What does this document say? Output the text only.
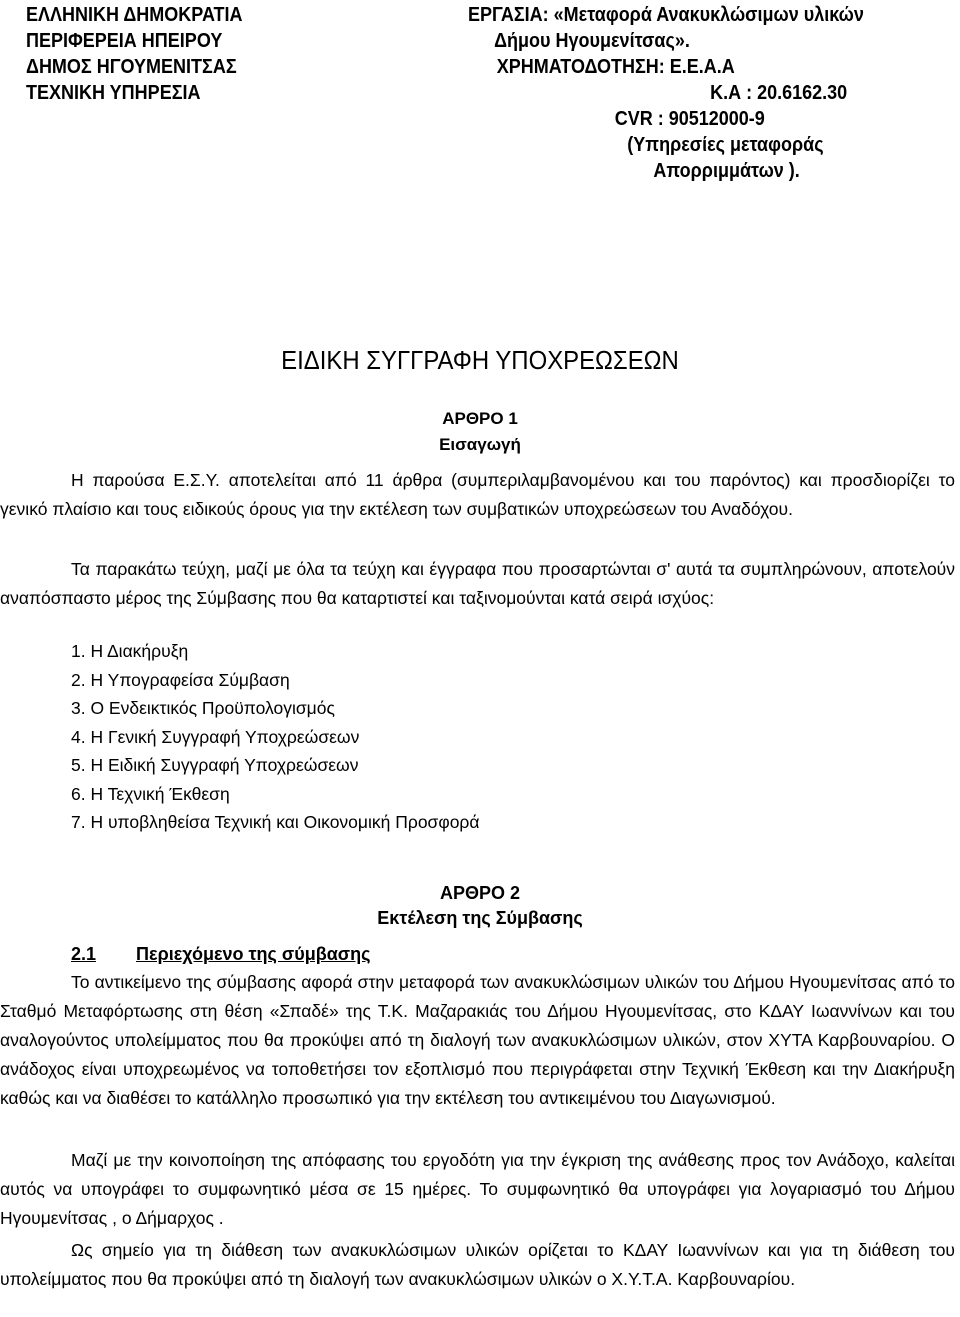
ΕΛΛΗΝΙΚΗ ΔΗΜΟΚΡΑΤΙΑ
ΠΕΡΙΦΕΡΕΙΑ ΗΠΕΙΡΟΥ
ΔΗΜΟΣ ΗΓΟΥΜΕΝΙΤΣΑΣ
ΤΕΧΝΙΚΗ ΥΠΗΡΕΣΙΑ
ΕΡΓΑΣΙΑ: «Μεταφορά Ανακυκλώσιμων υλικών
Δήμου Ηγουμενίτσας».
ΧΡΗΜΑΤΟΔΟΤΗΣΗ: Ε.Ε.Α.Α
Κ.Α : 20.6162.30
CVR : 90512000-9
(Υπηρεσίες μεταφοράς
Απορριμμάτων ).
ΕΙΔΙΚΗ ΣΥΓΓΡΑΦΗ ΥΠΟΧΡΕΩΣΕΩΝ
ΑΡΘΡΟ 1
Εισαγωγή
Η παρούσα Ε.Σ.Υ. αποτελείται από 11 άρθρα (συμπεριλαμβανομένου και του παρόντος) και προσδιορίζει το γενικό πλαίσιο και τους ειδικούς όρους για την εκτέλεση των συμβατικών υποχρεώσεων του Αναδόχου.
Τα παρακάτω τεύχη, μαζί με όλα τα τεύχη και έγγραφα που προσαρτώνται σ' αυτά τα συμπληρώνουν, αποτελούν αναπόσπαστο μέρος της Σύμβασης που θα καταρτιστεί και ταξινομούνται κατά σειρά ισχύος:
1. Η Διακήρυξη
2. Η Υπογραφείσα Σύμβαση
3. Ο Ενδεικτικός Προϋπολογισμός
4. Η Γενική Συγγραφή Υποχρεώσεων
5. Η Ειδική Συγγραφή Υποχρεώσεων
6. Η Τεχνική Έκθεση
7. Η υποβληθείσα Τεχνική και Οικονομική Προσφορά
ΑΡΘΡΟ 2
Εκτέλεση της Σύμβασης
2.1 Περιεχόμενο της σύμβασης
Το αντικείμενο της σύμβασης αφορά στην μεταφορά των ανακυκλώσιμων υλικών του Δήμου Ηγουμενίτσας από το Σταθμό Μεταφόρτωσης στη θέση «Σπαδέ» της Τ.Κ. Μαζαρακιάς του Δήμου Ηγουμενίτσας, στο ΚΔΑΥ Ιωαννίνων και του αναλογούντος υπολείμματος που θα προκύψει από τη διαλογή των ανακυκλώσιμων υλικών, στον ΧΥΤΑ Καρβουναρίου. Ο ανάδοχος είναι υποχρεωμένος να τοποθετήσει τον εξοπλισμό που περιγράφεται στην Τεχνική Έκθεση και την Διακήρυξη καθώς και να διαθέσει το κατάλληλο προσωπικό για την εκτέλεση του αντικειμένου του Διαγωνισμού.
Μαζί με την κοινοποίηση της απόφασης του εργοδότη για την έγκριση της ανάθεσης προς τον Ανάδοχο, καλείται αυτός να υπογράφει το συμφωνητικό μέσα σε 15 ημέρες. Το συμφωνητικό θα υπογράφει για λογαριασμό του Δήμου Ηγουμενίτσας , ο Δήμαρχος .
Ως σημείο για τη διάθεση των ανακυκλώσιμων υλικών ορίζεται το ΚΔΑΥ Ιωαννίνων και για τη διάθεση του υπολείμματος που θα προκύψει από τη διαλογή των ανακυκλώσιμων υλικών ο Χ.Υ.Τ.Α. Καρβουναρίου.
